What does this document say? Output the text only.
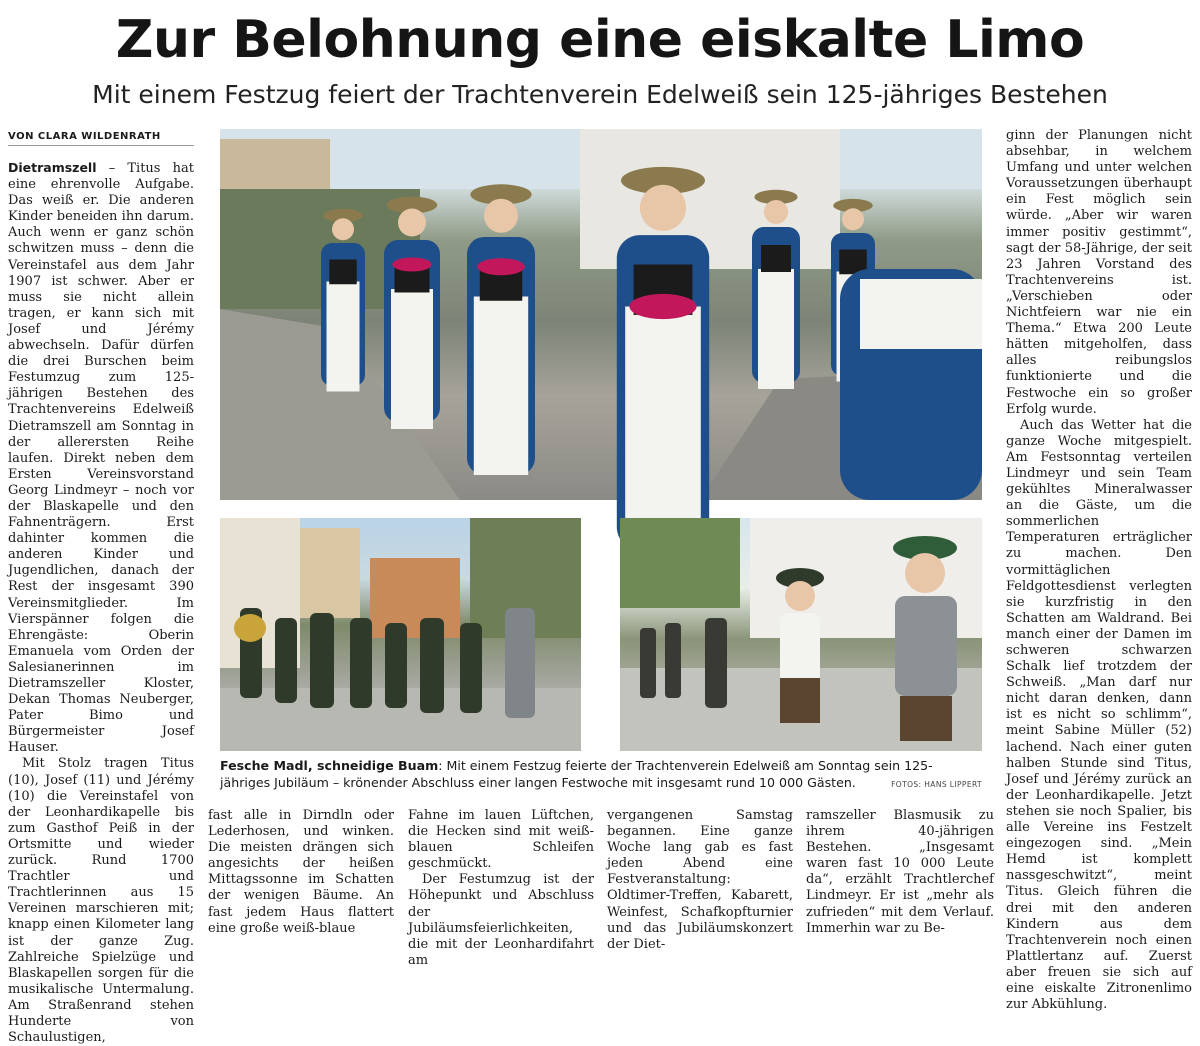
Zur Belohnung eine eiskalte Limo
Mit einem Festzug feiert der Trachtenverein Edelweiß sein 125-jähriges Bestehen
VON CLARA WILDENRATH

Dietramszell – Titus hat eine ehrenvolle Aufgabe. Das weiß er. Die anderen Kinder beneiden ihn darum. Auch wenn er ganz schön schwitzen muss – denn die Vereinstafel aus dem Jahr 1907 ist schwer. Aber er muss sie nicht allein tragen, er kann sich mit Josef und Jérémy abwechseln. Dafür dürfen die drei Burschen beim Festumzug zum 125-jährigen Bestehen des Trachtenvereins Edelweiß Dietramszell am Sonntag in der allerersten Reihe laufen. Direkt neben dem Ersten Vereinsvorstand Georg Lindmeyr – noch vor der Blaskapelle und den Fahnenträgern. Erst dahinter kommen die anderen Kinder und Jugendlichen, danach der Rest der insgesamt 390 Vereinsmitglieder. Im Vierspänner folgen die Ehrengäste: Oberin Emanuela vom Orden der Salesianerinnen im Dietramszeller Kloster, Dekan Thomas Neuberger, Pater Bimo und Bürgermeister Josef Hauser.

Mit Stolz tragen Titus (10), Josef (11) und Jérémy (10) die Vereinstafel von der Leonhardikapelle bis zum Gasthof Peiß in der Ortsmitte und wieder zurück. Rund 1700 Trachtler und Trachtlerinnen aus 15 Vereinen marschieren mit; knapp einen Kilometer lang ist der ganze Zug. Zahlreiche Spielzüge und Blaskapellen sorgen für die musikalische Untermalung. Am Straßenrand stehen Hunderte von Schaulustigen,

Fesche Madl, schneidige Buam: Mit einem Festzug feierte der Trachtenverein Edelweiß am Sonntag sein 125-jähriges Jubiläum – krönender Abschluss einer langen Festwoche mit insgesamt rund 10 000 Gästen.	FOTOS: HANS LIPPERT

fast alle in Dirndln oder Lederhosen, und winken. Die meisten drängen sich angesichts der heißen Mittagssonne im Schatten der wenigen Bäume. An fast jedem Haus flattert eine große weiß-blaue

Fahne im lauen Lüftchen, die Hecken sind mit weiß-blauen Schleifen geschmückt.

Der Festumzug ist der Höhepunkt und Abschluss der Jubiläumsfeierlichkeiten, die mit der Leonhardifahrt am

vergangenen Samstag begannen. Eine ganze Woche lang gab es fast jeden Abend eine Festveranstaltung: Oldtimer-Treffen, Kabarett, Weinfest, Schafkopfturnier und das Jubiläumskonzert der Diet-

ramszeller Blasmusik zu ihrem 40-jährigen Bestehen. „Insgesamt waren fast 10 000 Leute da“, erzählt Trachtlerchef Lindmeyr. Er ist „mehr als zufrieden“ mit dem Verlauf. Immerhin war zu Be-

ginn der Planungen nicht absehbar, in welchem Umfang und unter welchen Voraussetzungen überhaupt ein Fest möglich sein würde. „Aber wir waren immer positiv gestimmt“, sagt der 58-Jährige, der seit 23 Jahren Vorstand des Trachtenvereins ist. „Verschieben oder Nichtfeiern war nie ein Thema.“ Etwa 200 Leute hätten mitgeholfen, dass alles reibungslos funktionierte und die Festwoche ein so großer Erfolg wurde.

Auch das Wetter hat die ganze Woche mitgespielt. Am Festsonntag verteilen Lindmeyr und sein Team gekühltes Mineralwasser an die Gäste, um die sommerlichen Temperaturen erträglicher zu machen. Den vormittäglichen Feldgottesdienst verlegten sie kurzfristig in den Schatten am Waldrand. Bei manch einer der Damen im schweren schwarzen Schalk lief trotzdem der Schweiß. „Man darf nur nicht daran denken, dann ist es nicht so schlimm“, meint Sabine Müller (52) lachend. Nach einer guten halben Stunde sind Titus, Josef und Jérémy zurück an der Leonhardikapelle. Jetzt stehen sie noch Spalier, bis alle Vereine ins Festzelt eingezogen sind. „Mein Hemd ist komplett nassgeschwitzt“, meint Titus. Gleich führen die drei mit den anderen Kindern aus dem Trachtenverein noch einen Plattlertanz auf. Zuerst aber freuen sie sich auf eine eiskalte Zitronenlimo zur Abkühlung.
